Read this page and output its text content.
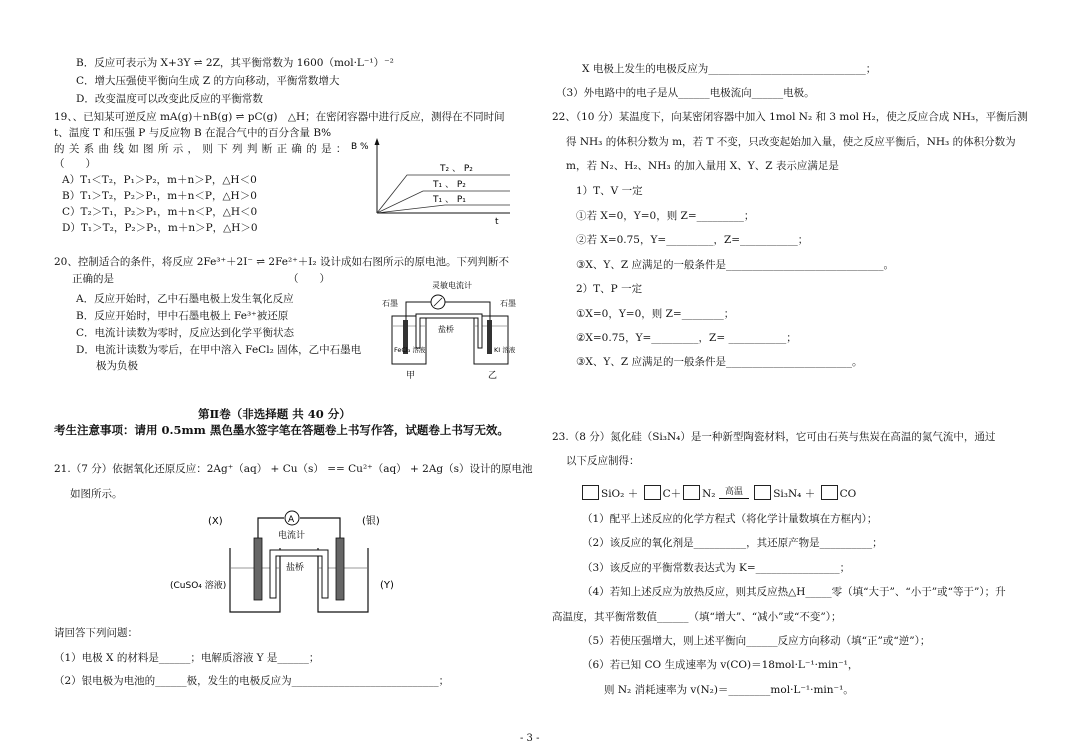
B．反应可表示为 X+3Y ⇌ 2Z，其平衡常数为 1600（mol·L⁻¹）⁻²
C．增大压强使平衡向生成 Z 的方向移动，平衡常数增大
D．改变温度可以改变此反应的平衡常数
19、、已知某可逆反应 mA(g)＋nB(g) ⇌ pC(g)　△H；在密闭容器中进行反应，测得在不同时间
t、温度 T 和压强 P 与反应物 B 在混合气中的百分含量 B%
的 关 系 曲 线 如 图 所 示 ， 则 下 列 判 断 正 确 的 是 ：
（　　）
A）T₁＜T₂，P₁＞P₂，m＋n＞P，△H＜0
B）T₁＞T₂，P₂＞P₁，m＋n＜P，△H＞0
C）T₂＞T₁，P₂＞P₁，m＋n＜P，△H＜0
D）T₁＞T₂，P₂＞P₁，m＋n＞P，△H＞0
B %
T₂ 、 P₂
T₁ 、 P₂
T₁ 、 P₁
t
20、控制适合的条件，将反应 2Fe³⁺＋2I⁻ ⇌ 2Fe²⁺＋I₂ 设计成如右图所示的原电池。下列判断不
正确的是	（　　）
A．反应开始时，乙中石墨电极上发生氧化反应
B．反应开始时，甲中石墨电极上 Fe³⁺被还原
C．电流计读数为零时，反应达到化学平衡状态
D．电流计读数为零后，在甲中溶入 FeCl₂ 固体，乙中石墨电
极为负极
灵敏电流计
石墨	石墨
盐桥
FeCl₃ 溶液	KI 溶液
甲	乙
第Ⅱ卷（非选择题 共 40 分）
考生注意事项：请用 0.5mm 黑色墨水签字笔在答题卷上书写作答，试题卷上书写无效。
21.（7 分）依据氧化还原反应：2Ag⁺（aq） + Cu（s） == Cu²⁺（aq） + 2Ag（s）设计的原电池
如图所示。
(X)	(银)
A
电流计
盐桥
(CuSO₄ 溶液)	(Y)
请回答下列问题：
（1）电极 X 的材料是______；电解质溶液 Y 是______；
（2）银电极为电池的______极，发生的电极反应为____________________________；
X 电极上发生的电极反应为______________________________；
（3）外电路中的电子是从______电极流向______电极。
22、（10 分）某温度下，向某密闭容器中加入 1mol N₂ 和 3 mol H₂，使之反应合成 NH₃，平衡后测
得 NH₃ 的体积分数为 m，若 T 不变，只改变起始加入量，使之反应平衡后，NH₃ 的体积分数为
m，若 N₂、H₂、NH₃ 的加入量用 X、Y、Z 表示应满足是
1）T、V 一定
①若 X=0，Y=0，则 Z=_________；
②若 X=0.75，Y=_________，Z=___________；
③X、Y、Z 应满足的一般条件是______________________________。
2）T、P 一定
①X=0，Y=0，则 Z=________；
②X=0.75，Y=_________，Z= ___________；
③X、Y、Z 应满足的一般条件是________________________。
23.（8 分）氮化硅（Si₃N₄）是一种新型陶瓷材料，它可由石英与焦炭在高温的氮气流中，通过
以下反应制得：
SiO₂ ＋ C＋ N₂	高温	Si₃N₄ ＋ CO
（1）配平上述反应的化学方程式（将化学计量数填在方框内）；
（2）该反应的氧化剂是__________，其还原产物是__________；
（3）该反应的平衡常数表达式为 K=________________；
（4）若知上述反应为放热反应，则其反应热△H_____零（填“大于”、“小于”或“等于”）；升
高温度，其平衡常数值______（填“增大”、“减小”或“不变”）；
（5）若使压强增大，则上述平衡向______反应方向移动（填“正”或“逆”）；
（6）若已知 CO 生成速率为 v(CO)＝18mol·L⁻¹·min⁻¹，
则 N₂ 消耗速率为 v(N₂)＝________mol·L⁻¹·min⁻¹。
- 3 -
